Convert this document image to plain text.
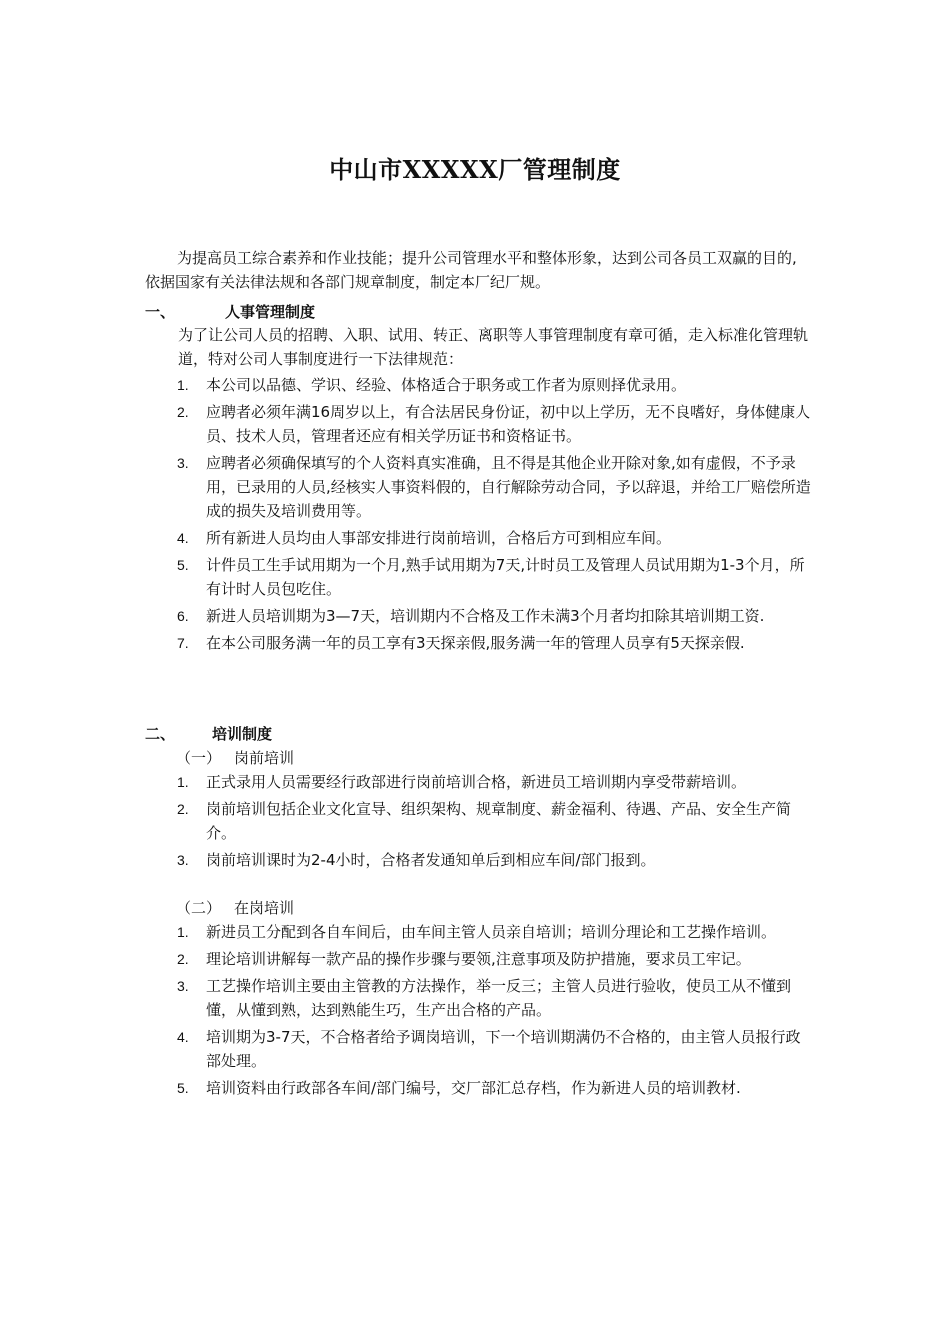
中山市XXXXX厂管理制度

为提高员工综合素养和作业技能；提升公司管理水平和整体形象，达到公司各员工双赢的目的,依据国家有关法律法规和各部门规章制度，制定本厂纪厂规。

一、	人事管理制度

为了让公司人员的招聘、入职、试用、转正、离职等人事管理制度有章可循，走入标准化管理轨道，特对公司人事制度进行一下法律规范：

1. 本公司以品德、学识、经验、体格适合于职务或工作者为原则择优录用。
2. 应聘者必须年满16周岁以上，有合法居民身份证，初中以上学历，无不良嗜好，身体健康人员、技术人员，管理者还应有相关学历证书和资格证书。
3. 应聘者必须确保填写的个人资料真实准确，且不得是其他企业开除对象,如有虚假，不予录用，已录用的人员,经核实人事资料假的，自行解除劳动合同，予以辞退，并给工厂赔偿所造成的损失及培训费用等。
4. 所有新进人员均由人事部安排进行岗前培训，合格后方可到相应车间。
5. 计件员工生手试用期为一个月,熟手试用期为7天,计时员工及管理人员试用期为1-3个月，所有计时人员包吃住。
6. 新进人员培训期为3—7天，培训期内不合格及工作未满3个月者均扣除其培训期工资.
7. 在本公司服务满一年的员工享有3天探亲假,服务满一年的管理人员享有5天探亲假.
二、 培训制度
（一） 岗前培训
1. 正式录用人员需要经行政部进行岗前培训合格，新进员工培训期内享受带薪培训。
2. 岗前培训包括企业文化宣导、组织架构、规章制度、薪金福利、待遇、产品、安全生产简介。
3. 岗前培训课时为2-4小时，合格者发通知单后到相应车间/部门报到。
（二） 在岗培训
1. 新进员工分配到各自车间后，由车间主管人员亲自培训；培训分理论和工艺操作培训。
2. 理论培训讲解每一款产品的操作步骤与要领,注意事项及防护措施，要求员工牢记。
3. 工艺操作培训主要由主管教的方法操作，举一反三；主管人员进行验收，使员工从不懂到懂，从懂到熟，达到熟能生巧，生产出合格的产品。
4. 培训期为3-7天，不合格者给予调岗培训，下一个培训期满仍不合格的，由主管人员报行政部处理。
5. 培训资料由行政部各车间/部门编号，交厂部汇总存档，作为新进人员的培训教材.
